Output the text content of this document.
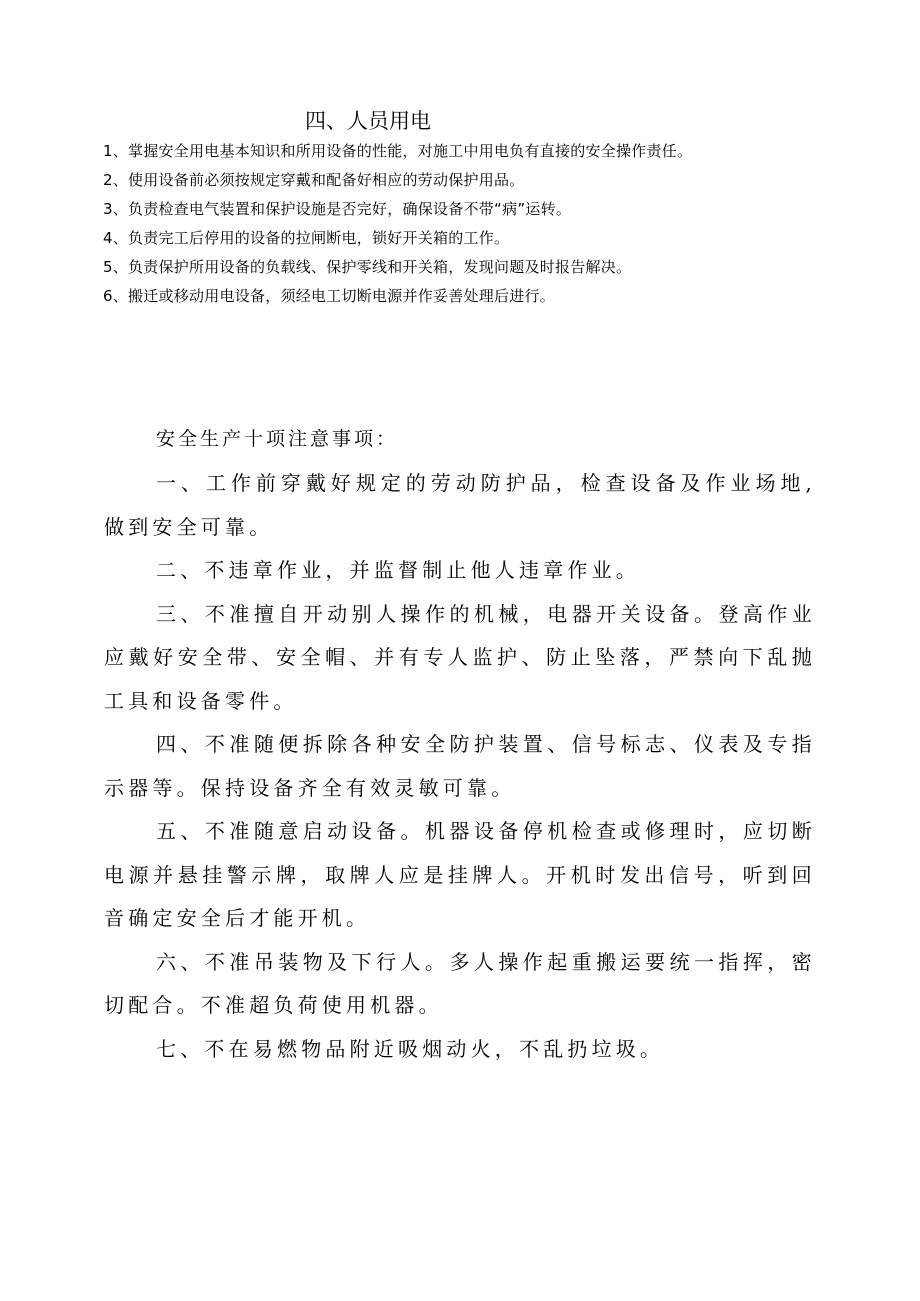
四、人员用电
1、掌握安全用电基本知识和所用设备的性能，对施工中用电负有直接的安全操作责任。
2、使用设备前必须按规定穿戴和配备好相应的劳动保护用品。
3、负责检查电气装置和保护设施是否完好，确保设备不带“病”运转。
4、负责完工后停用的设备的拉闸断电，锁好开关箱的工作。
5、负责保护所用设备的负载线、保护零线和开关箱，发现问题及时报告解决。
6、搬迁或移动用电设备，须经电工切断电源并作妥善处理后进行。
安全生产十项注意事项：

一、工作前穿戴好规定的劳动防护品，检查设备及作业场地,做到安全可靠。

二、不违章作业，并监督制止他人违章作业。

三、不准擅自开动别人操作的机械，电器开关设备。登高作业应戴好安全带、安全帽、并有专人监护、防止坠落，严禁向下乱抛工具和设备零件。

四、不准随便拆除各种安全防护装置、信号标志、仪表及专指示器等。保持设备齐全有效灵敏可靠。

五、不准随意启动设备。机器设备停机检查或修理时，应切断电源并悬挂警示牌，取牌人应是挂牌人。开机时发出信号，听到回音确定安全后才能开机。

六、不准吊装物及下行人。多人操作起重搬运要统一指挥，密切配合。不准超负荷使用机器。

七、不在易燃物品附近吸烟动火，不乱扔垃圾。
